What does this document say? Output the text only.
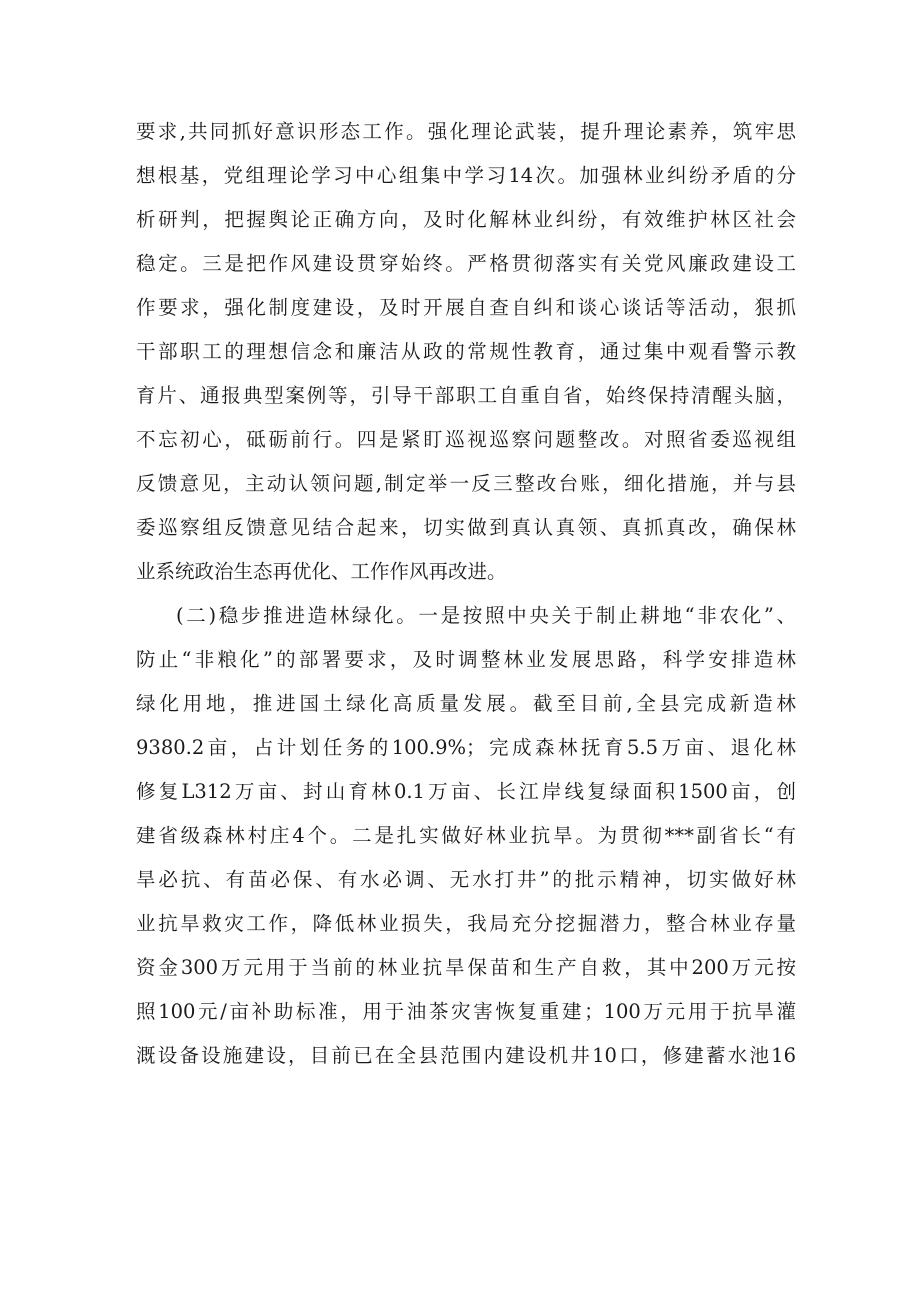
要求,共同抓好意识形态工作。强化理论武装，提升理论素养，筑牢思
想根基，党组理论学习中心组集中学习14次。加强林业纠纷矛盾的分
析研判，把握舆论正确方向，及时化解林业纠纷，有效维护林区社会
稳定。三是把作风建设贯穿始终。严格贯彻落实有关党风廉政建设工
作要求，强化制度建设，及时开展自查自纠和谈心谈话等活动，狠抓
干部职工的理想信念和廉洁从政的常规性教育，通过集中观看警示教
育片、通报典型案例等，引导干部职工自重自省，始终保持清醒头脑，
不忘初心，砥砺前行。四是紧盯巡视巡察问题整改。对照省委巡视组
反馈意见，主动认领问题,制定举一反三整改台账，细化措施，并与县
委巡察组反馈意见结合起来，切实做到真认真领、真抓真改，确保林
业系统政治生态再优化、工作作风再改进。
(二)稳步推进造林绿化。一是按照中央关于制止耕地“非农化”、
防止“非粮化”的部署要求，及时调整林业发展思路，科学安排造林
绿化用地，推进国土绿化高质量发展。截至目前,全县完成新造林
9380.2亩，占计划任务的100.9%；完成森林抚育5.5万亩、退化林
修复L312万亩、封山育林0.1万亩、长江岸线复绿面积1500亩，创
建省级森林村庄4个。二是扎实做好林业抗旱。为贯彻***副省长“有
旱必抗、有苗必保、有水必调、无水打井”的批示精神，切实做好林
业抗旱救灾工作，降低林业损失，我局充分挖掘潜力，整合林业存量
资金300万元用于当前的林业抗旱保苗和生产自救，其中200万元按
照100元/亩补助标准，用于油茶灾害恢复重建；100万元用于抗旱灌
溉设备设施建设，目前已在全县范围内建设机井10口，修建蓄水池16
